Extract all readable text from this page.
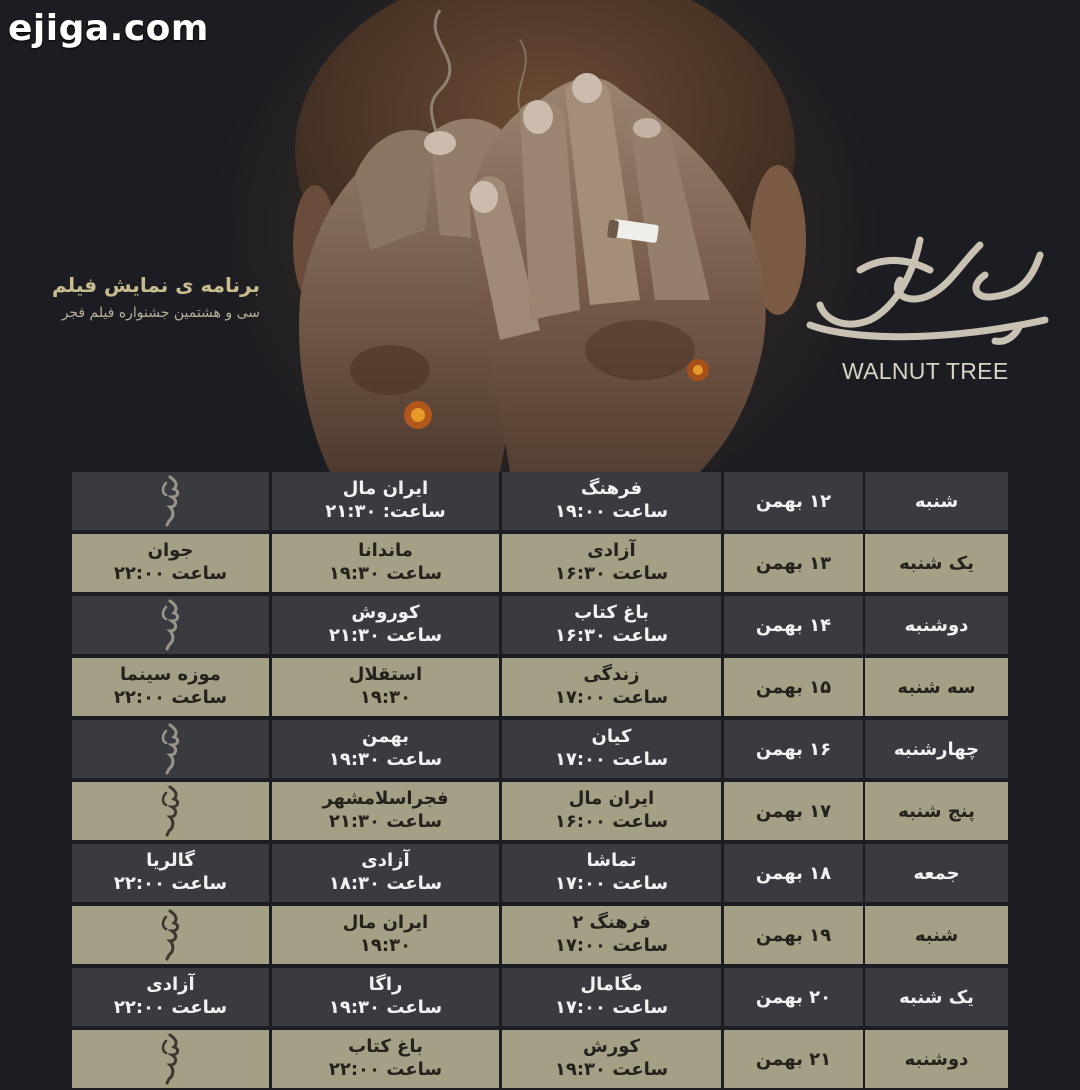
ejiga.com
برنامه ی نمایش فیلم
سی و هشتمین جشنواره فیلم فجر
WALNUT TREE
شنبه
۱۲ بهمن
فرهنگ
ساعت ۱۹:۰۰
ایران مال
ساعت: ۲۱:۳۰
یک شنبه
۱۳ بهمن
آزادی
ساعت ۱۶:۳۰
ماندانا
ساعت ۱۹:۳۰
جوان
ساعت ۲۲:۰۰
دوشنبه
۱۴ بهمن
باغ کتاب
ساعت ۱۶:۳۰
کوروش
ساعت ۲۱:۳۰
سه شنبه
۱۵ بهمن
زندگی
ساعت ۱۷:۰۰
استقلال
۱۹:۳۰
موزه سینما
ساعت ۲۲:۰۰
چهارشنبه
۱۶ بهمن
کیان
ساعت ۱۷:۰۰
بهمن
ساعت ۱۹:۳۰
پنج شنبه
۱۷ بهمن
ایران مال
ساعت ۱۶:۰۰
فجراسلامشهر
ساعت ۲۱:۳۰
جمعه
۱۸ بهمن
تماشا
ساعت ۱۷:۰۰
آزادی
ساعت ۱۸:۳۰
گالریا
ساعت ۲۲:۰۰
شنبه
۱۹ بهمن
فرهنگ ۲
ساعت ۱۷:۰۰
ایران مال
۱۹:۳۰
یک شنبه
۲۰ بهمن
مگامال
ساعت ۱۷:۰۰
راگا
ساعت ۱۹:۳۰
آزادی
ساعت ۲۲:۰۰
دوشنبه
۲۱ بهمن
کورش
ساعت ۱۹:۳۰
باغ کتاب
ساعت ۲۲:۰۰
